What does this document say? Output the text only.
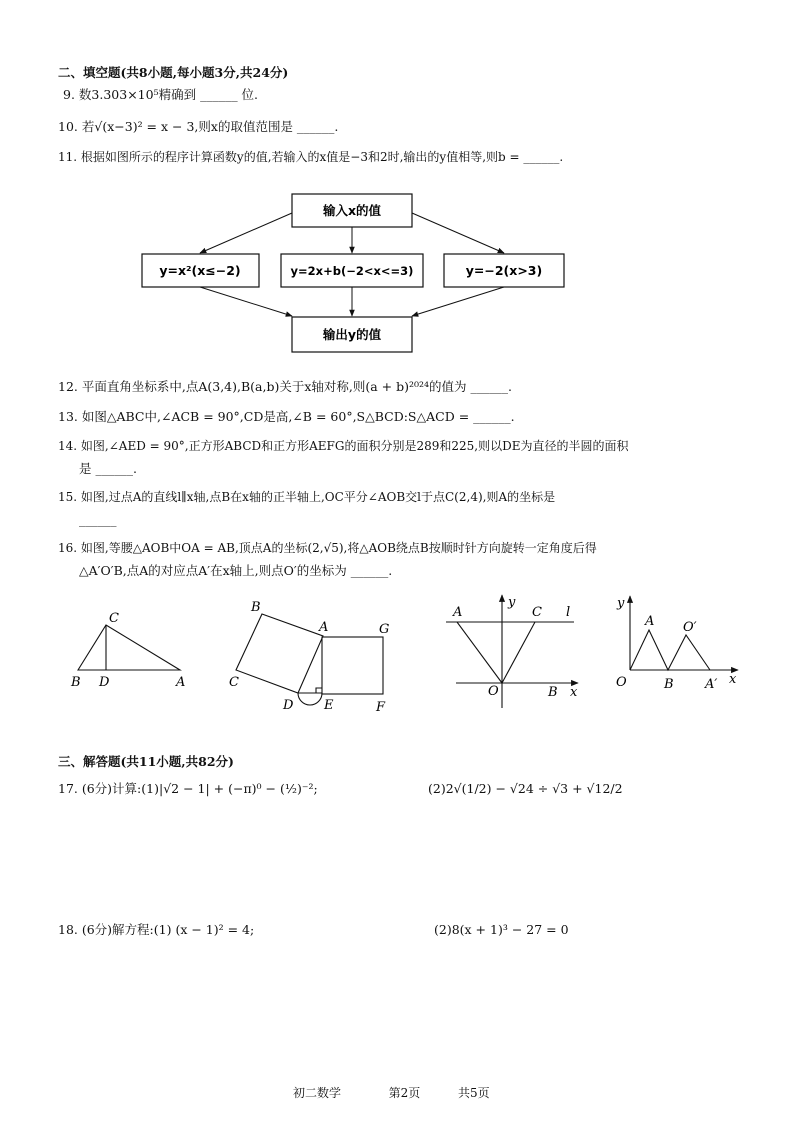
二、填空题(共8小题,每小题3分,共24分)
9. 数3.303×10⁵精确到 ______ 位.
10. 若√(x−3)² = x − 3,则x的取值范围是 ______.
11. 根据如图所示的程序计算函数y的值,若输入的x值是−3和2时,输出的y值相等,则b = ______.
输入x的值
y=x²(x≤−2)	y=2x+b(−2<x<=3)	y=−2(x>3)
输出y的值
12. 平面直角坐标系中,点A(3,4),B(a,b)关于x轴对称,则(a + b)²⁰²⁴的值为 ______.
13. 如图△ABC中,∠ACB = 90°,CD是高,∠B = 60°,S△BCD:S△ACD = ______.
14. 如图,∠AED = 90°,正方形ABCD和正方形AEFG的面积分别是289和225,则以DE为直径的半圆的面积
是 ______.
15. 如图,过点A的直线l∥x轴,点B在x轴的正半轴上,OC平分∠AOB交l于点C(2,4),则A的坐标是
______
16. 如图,等腰△AOB中OA = AB,顶点A的坐标(2,√5),将△AOB绕点B按顺时针方向旋转一定角度后得
△A′O′B,点A的对应点A′在x轴上,则点O′的坐标为 ______.
C
B D	A
B
A	G
C
D E	F
A
y
C l
O	B x
y
A O′
O	B A′ x
三、解答题(共11小题,共82分)
17. (6分)计算:(1)|√2 − 1| + (−π)⁰ − (½)⁻²;	(2)2√(1/2) − √24 ÷ √3 + √12/2
18. (6分)解方程:(1) (x − 1)² = 4;	(2)8(x + 1)³ − 27 = 0
初二数学	第2页	共5页
